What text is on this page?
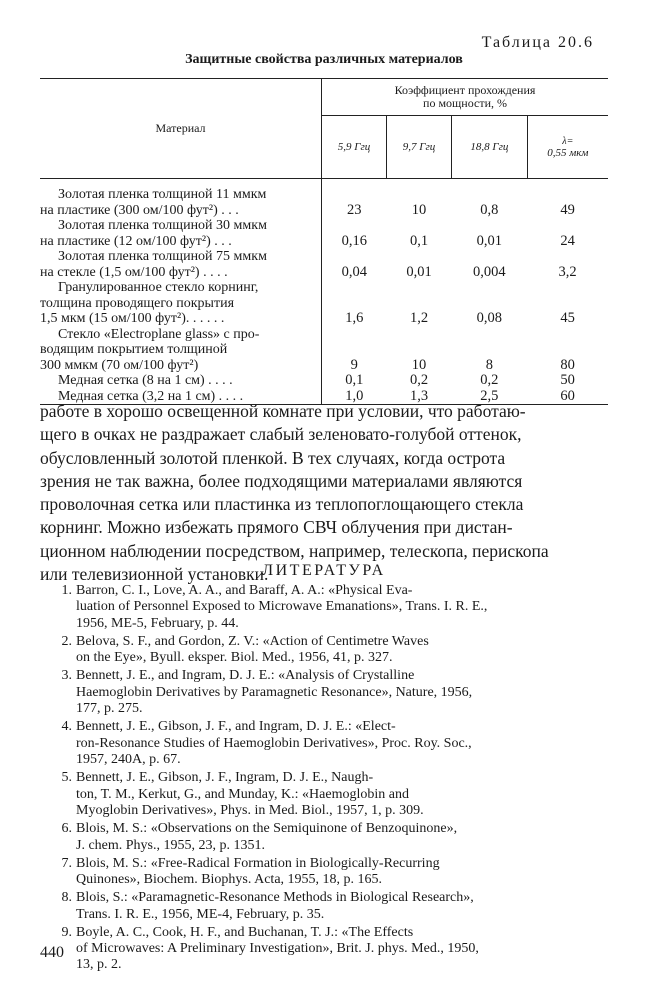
Таблица 20.6
Защитные свойства различных материалов
Материал	Коэффициент прохождения
по мощности, %			
	5,9 Ггц	9,7 Ггц	18,8 Ггц	λ=
0,55 мкм

Золотая пленка толщиной 11 ммкм
на пластике (300 ом/100 фут²) . . .	23	10	0,8	49

Золотая пленка толщиной 30 ммкм
на пластике (12 ом/100 фут²) . . .	0,16	0,1	0,01	24

Золотая пленка толщиной 75 ммкм
на стекле (1,5 ом/100 фут²) . . . .	0,04	0,01	0,004	3,2

Гранулированное стекло корнинг,
толщина проводящего покрытия
1,5 мкм (15 ом/100 фут²). . . . . .	1,6	1,2	0,08	45

Стекло «Electroplane glass» с про-
водящим покрытием толщиной
300 ммкм (70 ом/100 фут²)	9	10	8	80

Медная сетка (8 на 1 см) . . . .	0,1	0,2	0,2	50

Медная сетка (3,2 на 1 см) . . . .	1,0	1,3	2,5	60
работе в хорошо освещенной комнате при условии, что работаю-
щего в очках не раздражает слабый зеленовато-голубой оттенок,
обусловленный золотой пленкой. В тех случаях, когда острота
зрения не так важна, более подходящими материалами являются
проволочная сетка или пластинка из теплопоглощающего стекла
корнинг. Можно избежать прямого СВЧ облучения при дистан-
ционном наблюдении посредством, например, телескопа, перископа
или телевизионной установки.
ЛИТЕРАТУРА
1. Barron, C. I., Love, A. A., and Baraff, A. A.: «Physical Eva-
luation of Personnel Exposed to Microwave Emanations», Trans. I. R. E.,
1956, ME-5, February, p. 44.
2. Belova, S. F., and Gordon, Z. V.: «Action of Centimetre Waves
on the Eye», Byull. eksper. Biol. Med., 1956, 41, p. 327.
3. Bennett, J. E., and Ingram, D. J. E.: «Analysis of Crystalline
Haemoglobin Derivatives by Paramagnetic Resonance», Nature, 1956,
177, p. 275.
4. Bennett, J. E., Gibson, J. F., and Ingram, D. J. E.: «Elect-
ron-Resonance Studies of Haemoglobin Derivatives», Proc. Roy. Soc.,
1957, 240A, p. 67.
5. Bennett, J. E., Gibson, J. F., Ingram, D. J. E., Naugh-
ton, T. M., Kerkut, G., and Munday, K.: «Haemoglobin and
Myoglobin Derivatives», Phys. in Med. Biol., 1957, 1, p. 309.
6. Blois, M. S.: «Observations on the Semiquinone of Benzoquinone»,
J. chem. Phys., 1955, 23, p. 1351.
7. Blois, M. S.: «Free-Radical Formation in Biologically-Recurring
Quinones», Biochem. Biophys. Acta, 1955, 18, p. 165.
8. Blois, S.: «Paramagnetic-Resonance Methods in Biological Research»,
Trans. I. R. E., 1956, ME-4, February, p. 35.
9. Boyle, A. C., Cook, H. F., and Buchanan, T. J.: «The Effects
of Microwaves: A Preliminary Investigation», Brit. J. phys. Med., 1950,
13, p. 2.
440
